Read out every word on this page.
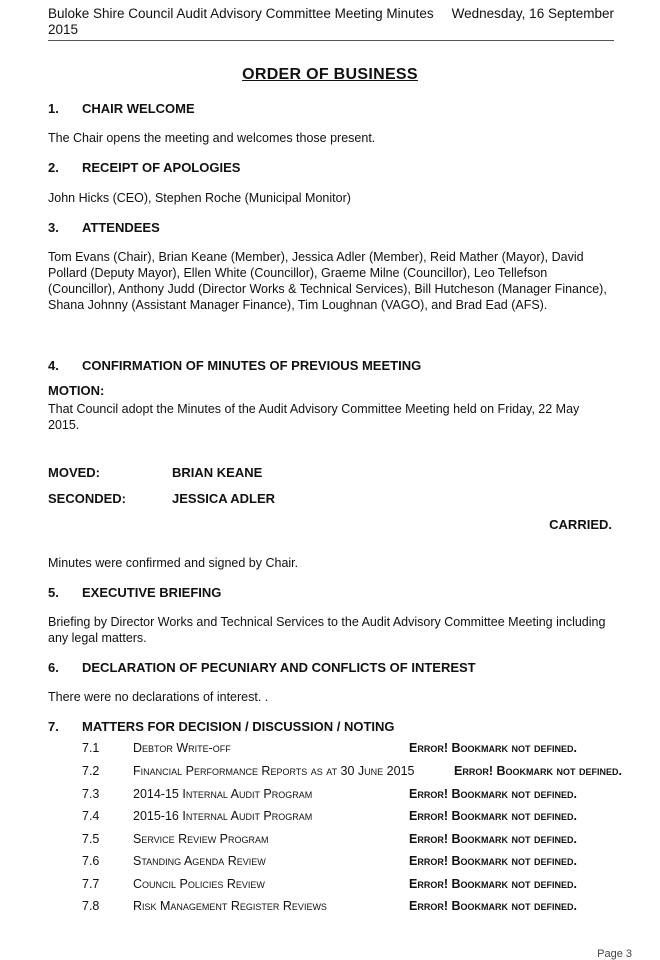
Wednesday, 16 September
Buloke Shire Council Audit Advisory Committee Meeting Minutes
2015
ORDER OF BUSINESS
1. CHAIR WELCOME
The Chair opens the meeting and welcomes those present.
2. RECEIPT OF APOLOGIES
John Hicks (CEO), Stephen Roche (Municipal Monitor)
3. ATTENDEES
Tom Evans (Chair), Brian Keane (Member), Jessica Adler (Member), Reid Mather (Mayor), David Pollard (Deputy Mayor), Ellen White (Councillor), Graeme Milne (Councillor), Leo Tellefson (Councillor), Anthony Judd (Director Works & Technical Services), Bill Hutcheson (Manager Finance), Shana Johnny (Assistant Manager Finance), Tim Loughnan (VAGO), and Brad Ead (AFS).
4. CONFIRMATION OF MINUTES OF PREVIOUS MEETING
MOTION:
That Council adopt the Minutes of the Audit Advisory Committee Meeting held on Friday, 22 May 2015.
MOVED:	BRIAN KEANE
SECONDED:	JESSICA ADLER
CARRIED.
Minutes were confirmed and signed by Chair.
5. EXECUTIVE BRIEFING
Briefing by Director Works and Technical Services to the Audit Advisory Committee Meeting including any legal matters.
6. DECLARATION OF PECUNIARY AND CONFLICTS OF INTEREST
There were no declarations of interest. .
7. MATTERS FOR DECISION / DISCUSSION / NOTING
7.1	Debtor Write-off	Error! Bookmark not defined.
7.2	Financial Performance Reports as at 30 June 2015	Error! Bookmark not defined.
7.3	2014-15 Internal Audit Program	Error! Bookmark not defined.
7.4	2015-16 Internal Audit Program	Error! Bookmark not defined.
7.5	Service Review Program	Error! Bookmark not defined.
7.6	Standing Agenda Review	Error! Bookmark not defined.
7.7	Council Policies Review	Error! Bookmark not defined.
7.8	Risk Management Register Reviews	Error! Bookmark not defined.
Page 3
